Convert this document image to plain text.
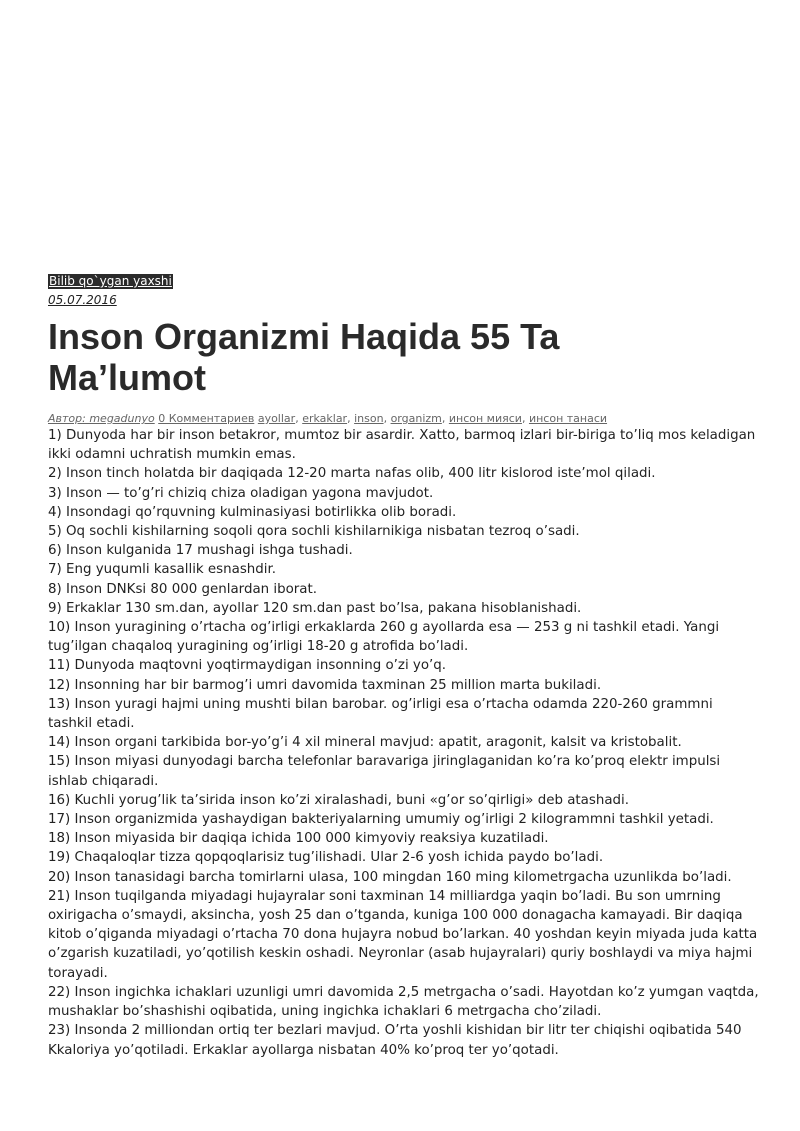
Bilib qo`ygan yaxshi
05.07.2016
Inson Organizmi Haqida 55 Ta Ma’lumot
Автор: megadunyo 0 Комментариев ayollar, erkaklar, inson, organizm, инсон мияси, инсон танаси
1) Dunyoda har bir inson betakror, mumtoz bir asardir. Xatto, barmoq izlari bir-biriga to’liq mos keladigan ikki odamni uchratish mumkin emas.
2) Inson tinch holatda bir daqiqada 12-20 marta nafas olib, 400 litr kislorod iste’mol qiladi.
3) Inson — to’g’ri chiziq chiza oladigan yagona mavjudot.
4) Insondagi qo’rquvning kulminasiyasi botirlikka olib boradi.
5) Oq sochli kishilarning soqoli qora sochli kishilarnikiga nisbatan tezroq o’sadi.
6) Inson kulganida 17 mushagi ishga tushadi.
7) Eng yuqumli kasallik esnashdir.
8) Inson DNKsi 80 000 genlardan iborat.
9) Erkaklar 130 sm.dan, ayollar 120 sm.dan past bo’lsa, pakana hisoblanishadi.
10) Inson yuragining o’rtacha og’irligi erkaklarda 260 g ayollarda esa — 253 g ni tashkil etadi. Yangi tug’ilgan chaqaloq yuragining og’irligi 18-20 g atrofida bo’ladi.
11) Dunyoda maqtovni yoqtirmaydigan insonning o’zi yo’q.
12) Insonning har bir barmog’i umri davomida taxminan 25 million marta bukiladi.
13) Inson yuragi hajmi uning mushti bilan barobar. og’irligi esa o’rtacha odamda 220-260 grammni tashkil etadi.
14) Inson organi tarkibida bor-yo’g’i 4 xil mineral mavjud: apatit, aragonit, kalsit va kristobalit.
15) Inson miyasi dunyodagi barcha telefonlar baravariga jiringlaganidan ko’ra ko’proq elektr impulsi ishlab chiqaradi.
16) Kuchli yorug’lik ta’sirida inson ko’zi xiralashadi, buni «g’or so’qirligi» deb atashadi.
17) Inson organizmida yashaydigan bakteriyalarning umumiy og’irligi 2 kilogrammni tashkil yetadi.
18) Inson miyasida bir daqiqa ichida 100 000 kimyoviy reaksiya kuzatiladi.
19) Chaqaloqlar tizza qopqoqlarisiz tug’ilishadi. Ular 2-6 yosh ichida paydo bo’ladi.
20) Inson tanasidagi barcha tomirlarni ulasa, 100 mingdan 160 ming kilometrgacha uzunlikda bo’ladi.
21) Inson tuqilganda miyadagi hujayralar soni taxminan 14 milliardga yaqin bo’ladi. Bu son umrning oxirigacha o’smaydi, aksincha, yosh 25 dan o’tganda, kuniga 100 000 donagacha kamayadi. Bir daqiqa kitob o’qiganda miyadagi o’rtacha 70 dona hujayra nobud bo’larkan. 40 yoshdan keyin miyada juda katta o’zgarish kuzatiladi, yo’qotilish keskin oshadi. Neyronlar (asab hujayralari) quriy boshlaydi va miya hajmi torayadi.
22) Inson ingichka ichaklari uzunligi umri davomida 2,5 metrgacha o’sadi. Hayotdan ko’z yumgan vaqtda, mushaklar bo’shashishi oqibatida, uning ingichka ichaklari 6 metrgacha cho’ziladi.
23) Insonda 2 milliondan ortiq ter bezlari mavjud. O’rta yoshli kishidan bir litr ter chiqishi oqibatida 540 Kkaloriya yo’qotiladi. Erkaklar ayollarga nisbatan 40% ko’proq ter yo’qotadi.
